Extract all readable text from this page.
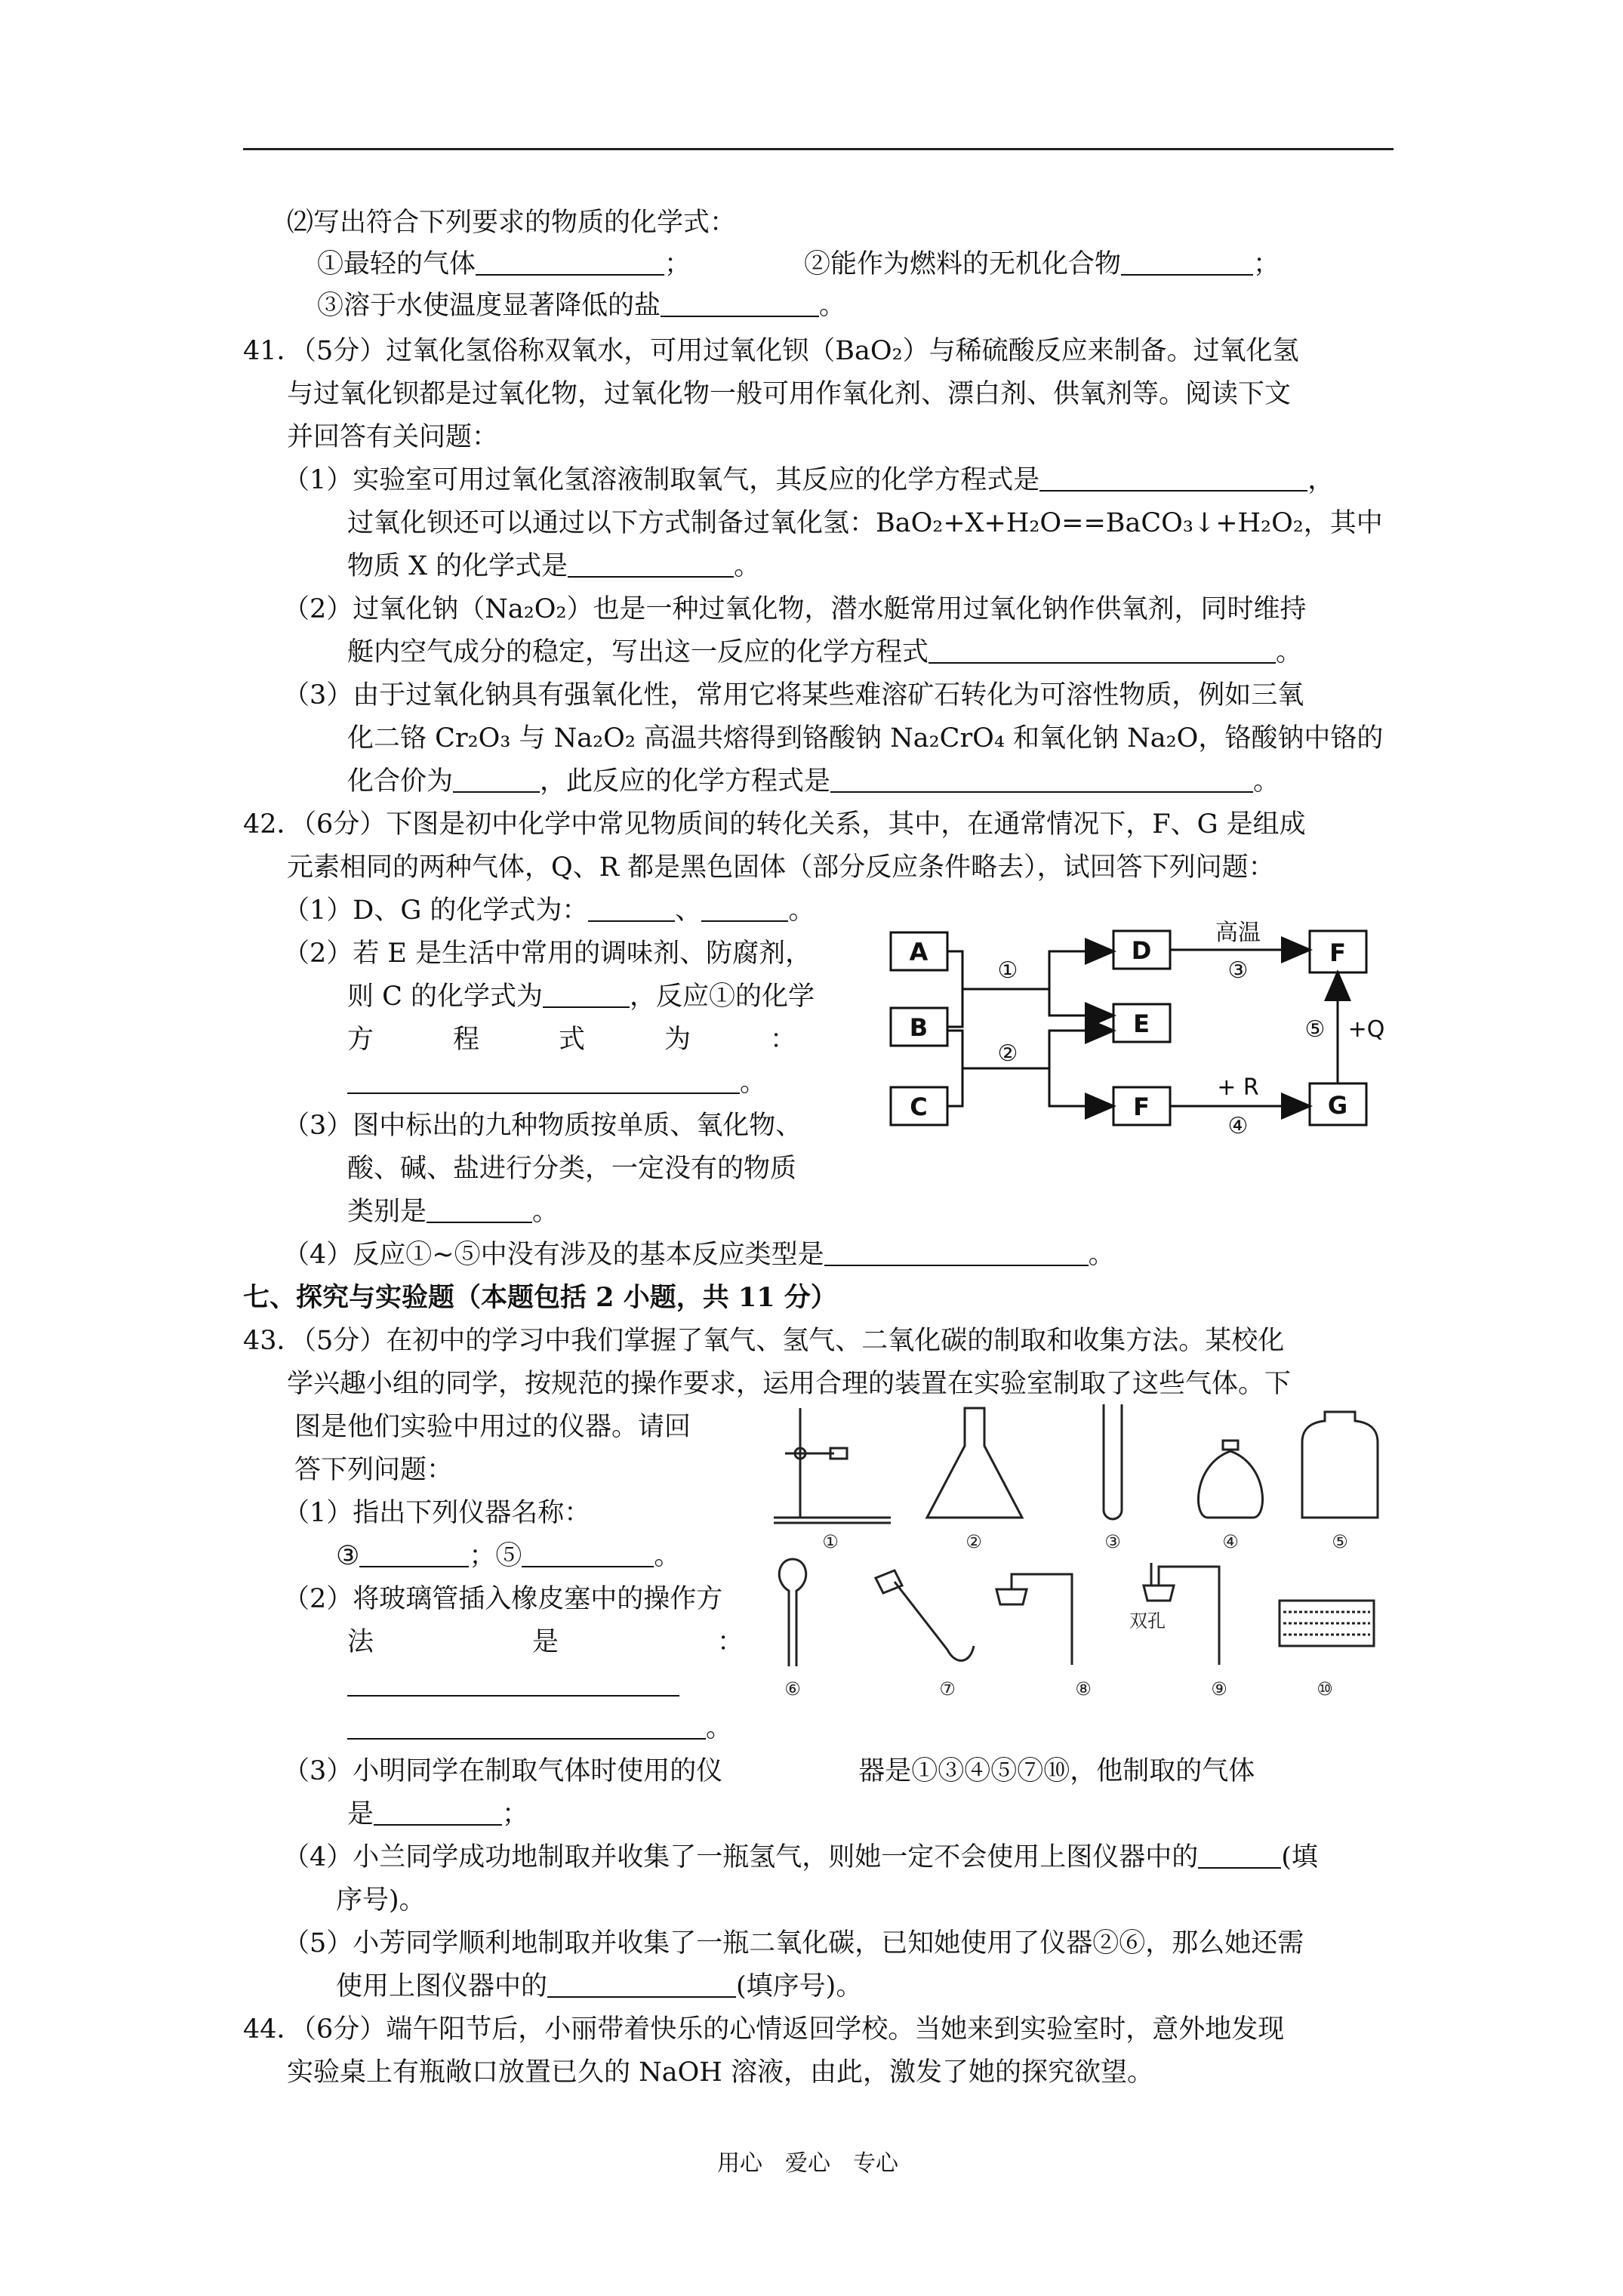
⑵写出符合下列要求的物质的化学式：
①最轻的气体	；	②能作为燃料的无机化合物	；
③溶于水使温度显著降低的盐	。
41．（5分）过氧化氢俗称双氧水，可用过氧化钡（BaO₂）与稀硫酸反应来制备。过氧化氢
与过氧化钡都是过氧化物，过氧化物一般可用作氧化剂、漂白剂、供氧剂等。阅读下文
并回答有关问题：
（1）实验室可用过氧化氢溶液制取氧气，其反应的化学方程式是	，
过氧化钡还可以通过以下方式制备过氧化氢：BaO₂+X+H₂O==BaCO₃↓+H₂O₂，其中
物质 X 的化学式是	。
（2）过氧化钠（Na₂O₂）也是一种过氧化物，潜水艇常用过氧化钠作供氧剂，同时维持
艇内空气成分的稳定，写出这一反应的化学方程式	。
（3）由于过氧化钠具有强氧化性，常用它将某些难溶矿石转化为可溶性物质，例如三氧
化二铬 Cr₂O₃ 与 Na₂O₂ 高温共熔得到铬酸钠 Na₂CrO₄ 和氧化钠 Na₂O，铬酸钠中铬的
化合价为	，此反应的化学方程式是	。
42．（6分）下图是初中化学中常见物质间的转化关系，其中，在通常情况下，F、G 是组成
元素相同的两种气体，Q、R 都是黑色固体（部分反应条件略去），试回答下列问题：
（1）D、G 的化学式为：	、	。
（2）若 E 是生活中常用的调味剂、防腐剂，
则 C 的化学式为	，反应①的化学
方　　　程　　　式　　　为　　　：
。
（3）图中标出的九种物质按单质、氧化物、
酸、碱、盐进行分类，一定没有的物质
类别是	。
（4）反应①~⑤中没有涉及的基本反应类型是	。
A
B
C
D
E
F
F
G
①
②
高温
③
+ R
④
⑤ +Q
七、探究与实验题（本题包括 2 小题，共 11 分）
43．（5分）在初中的学习中我们掌握了氧气、氢气、二氧化碳的制取和收集方法。某校化
学兴趣小组的同学，按规范的操作要求，运用合理的装置在实验室制取了这些气体。下
图是他们实验中用过的仪器。请回
答下列问题：
（1）指出下列仪器名称：
③	；⑤	。
（2）将玻璃管插入橡皮塞中的操作方
法　　　　　　是　　　　　　：
。
（3）小明同学在制取气体时使用的仪	器是①③④⑤⑦⑩，他制取的气体
是	；
（4）小兰同学成功地制取并收集了一瓶氢气，则她一定不会使用上图仪器中的	(填
序号)。
（5）小芳同学顺利地制取并收集了一瓶二氧化碳，已知她使用了仪器②⑥，那么她还需
使用上图仪器中的	(填序号)。
①	②	③	④	⑤
⑥	⑦	⑧	⑨	⑩
双孔
44．（6分）端午阳节后，小丽带着快乐的心情返回学校。当她来到实验室时，意外地发现
实验桌上有瓶敞口放置已久的 NaOH 溶液，由此，激发了她的探究欲望。
用心　爱心　专心
